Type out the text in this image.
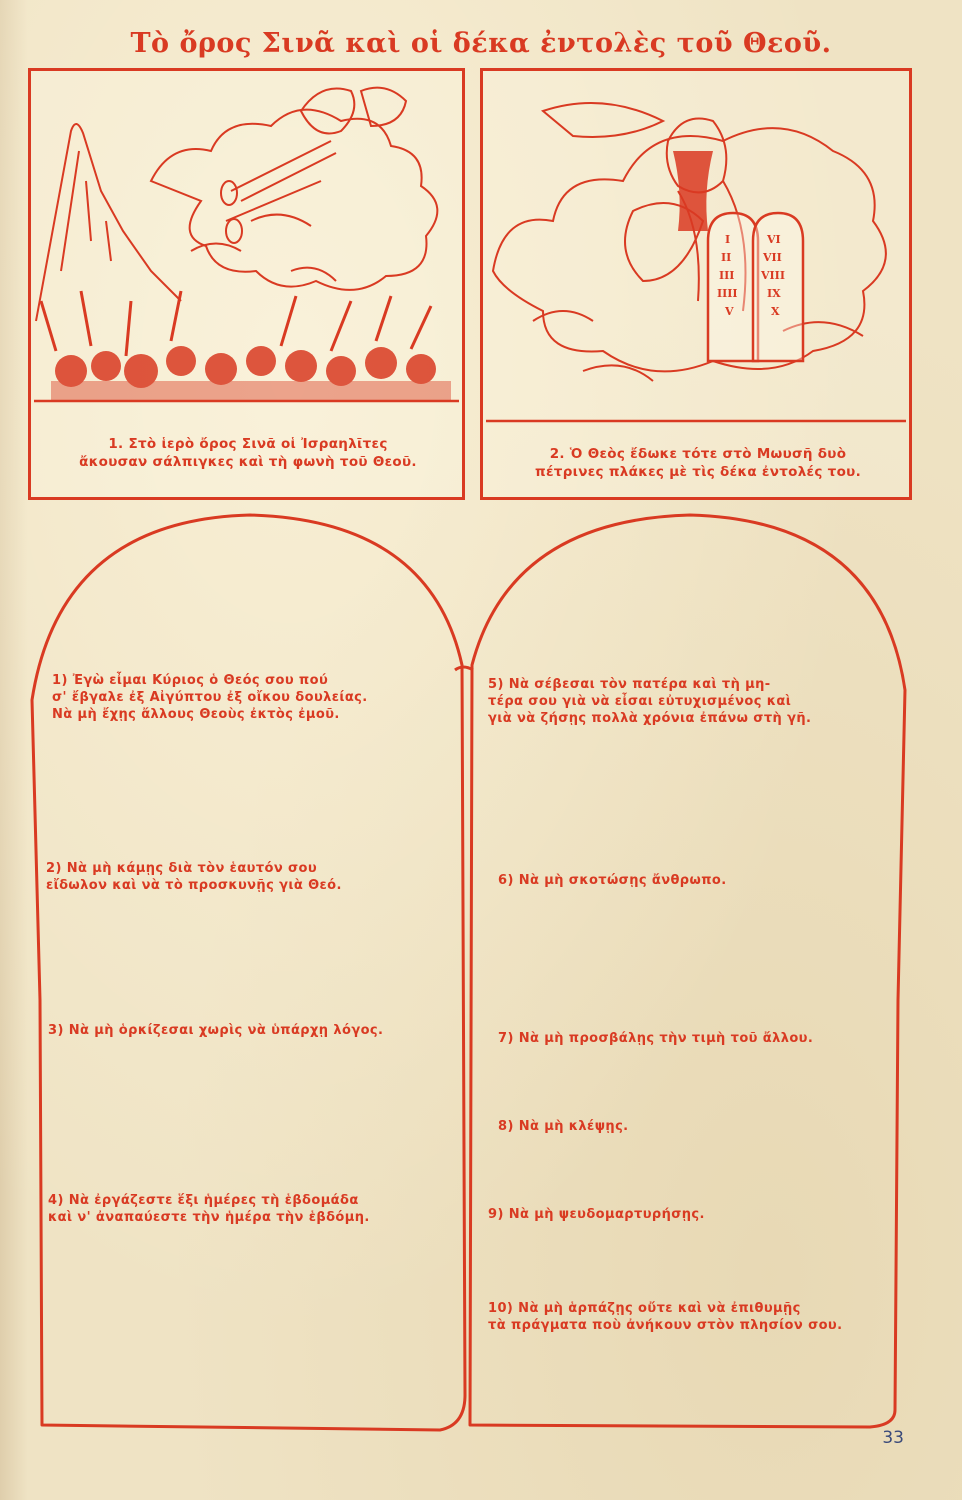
Τὸ ὄρος Σινᾶ καὶ οἱ δέκα ἐντολὲς τοῦ Θεοῦ.
1. Στὸ ἱερὸ ὄρος Σινᾶ οἱ Ἰσραηλῖτες
ἄκουσαν σάλπιγκες καὶ τὴ φωνὴ τοῦ Θεοῦ.
I
II
III
IIII
V
VI
VII
VIII
IX
X
2. Ὁ Θεὸς ἔδωκε τότε στὸ Μωυσῆ δυὸ
πέτρινες πλάκες μὲ τὶς δέκα ἐντολές του.
1) Ἐγὼ εἶμαι Κύριος ὁ Θεός σου πού
σ' ἔβγαλε ἐξ Αἰγύπτου ἐξ οἴκου δουλείας.
Νὰ μὴ ἔχῃς ἄλλους Θεοὺς ἐκτὸς ἐμοῦ.
2) Νὰ μὴ κάμῃς διὰ τὸν ἑαυτόν σου
εἴδωλον καὶ νὰ τὸ προσκυνῇς γιὰ Θεό.
3) Νὰ μὴ ὁρκίζεσαι χωρὶς νὰ ὑπάρχῃ λόγος.
4) Νὰ ἐργάζεστε ἕξι ἡμέρες τὴ ἑβδομάδα
καὶ ν' ἀναπαύεστε τὴν ἡμέρα τὴν ἑβδόμη.
5) Νὰ σέβεσαι τὸν πατέρα καὶ τὴ μη-
τέρα σου γιὰ νὰ εἶσαι εὐτυχισμένος καὶ
γιὰ νὰ ζήσῃς πολλὰ χρόνια ἐπάνω στὴ γῆ.
6) Νὰ μὴ σκοτώσῃς ἄνθρωπο.
7) Νὰ μὴ προσβάλῃς τὴν τιμὴ τοῦ ἄλλου.
8) Νὰ μὴ κλέψῃς.
9) Νὰ μὴ ψευδομαρτυρήσῃς.
10) Νὰ μὴ ἁρπάζῃς οὔτε καὶ νὰ ἐπιθυμῇς
τὰ πράγματα ποὺ ἀνήκουν στὸν πλησίον σου.
33
